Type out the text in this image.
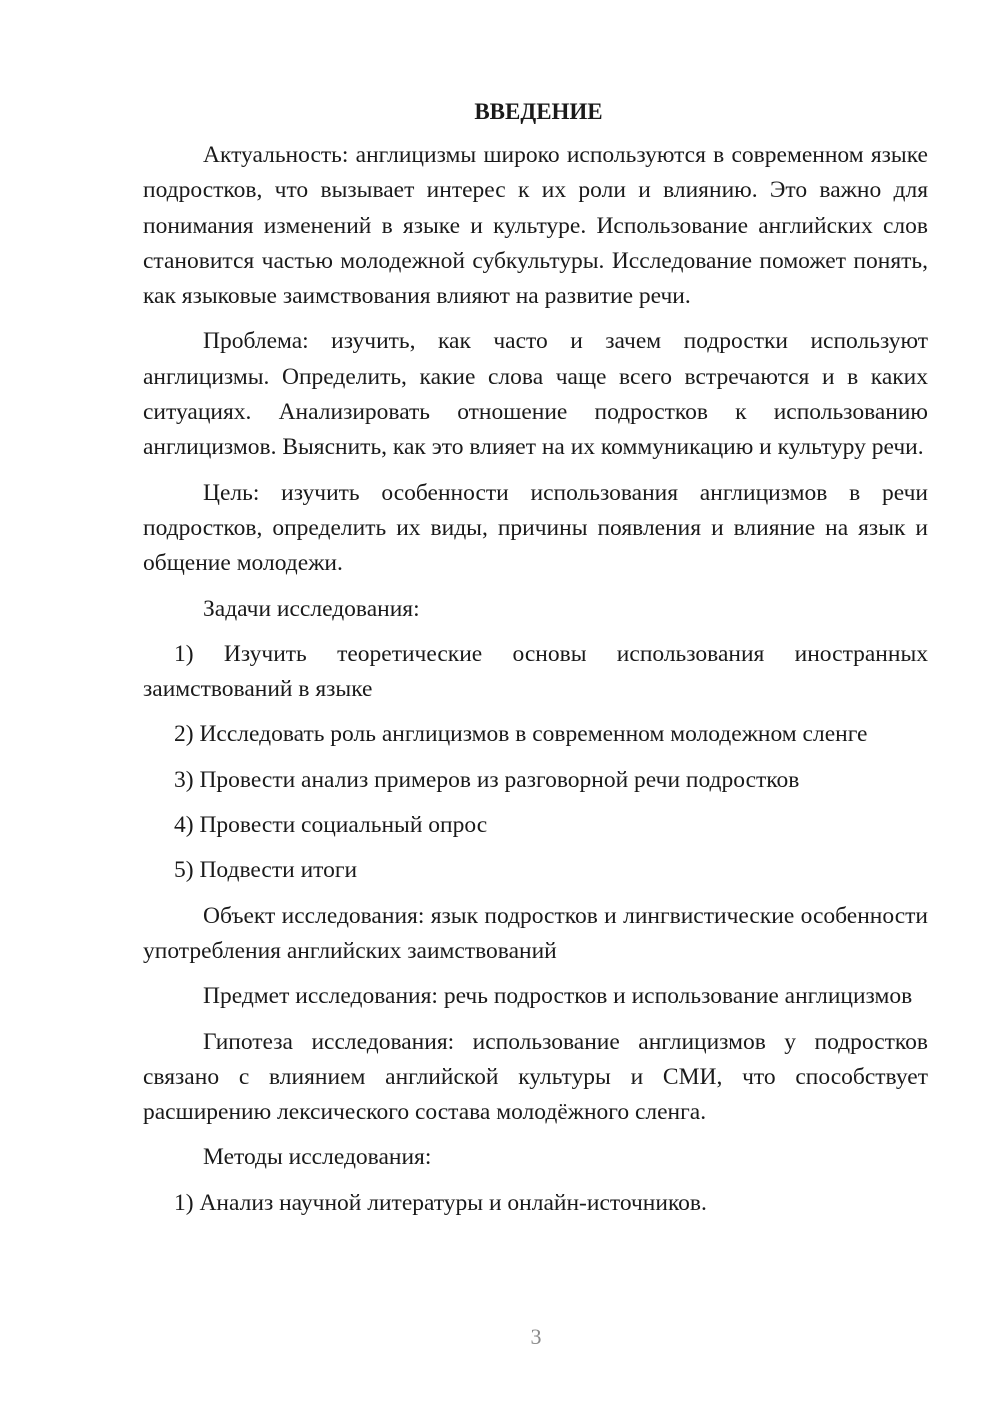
ВВЕДЕНИЕ
Актуальность: англицизмы широко используются в современном языке подростков, что вызывает интерес к их роли и влиянию. Это важно для понимания изменений в языке и культуре. Использование английских слов становится частью молодежной субкультуры. Исследование поможет понять, как языковые заимствования влияют на развитие речи.
Проблема: изучить, как часто и зачем подростки используют англицизмы. Определить, какие слова чаще всего встречаются и в каких ситуациях. Анализировать отношение подростков к использованию англицизмов. Выяснить, как это влияет на их коммуникацию и культуру речи.
Цель: изучить особенности использования англицизмов в речи подростков, определить их виды, причины появления и влияние на язык и общение молодежи.
Задачи исследования:
1) Изучить теоретические основы использования иностранных заимствований в языке
2) Исследовать роль англицизмов в современном молодежном сленге
3) Провести анализ примеров из разговорной речи подростков
4) Провести социальный опрос
5) Подвести итоги
Объект исследования: язык подростков и лингвистические особенности употребления английских заимствований
Предмет исследования: речь подростков и использование англицизмов
Гипотеза исследования: использование англицизмов у подростков связано с влиянием английской культуры и СМИ, что способствует расширению лексического состава молодёжного сленга.
Методы исследования:
1) Анализ научной литературы и онлайн-источников.
3
